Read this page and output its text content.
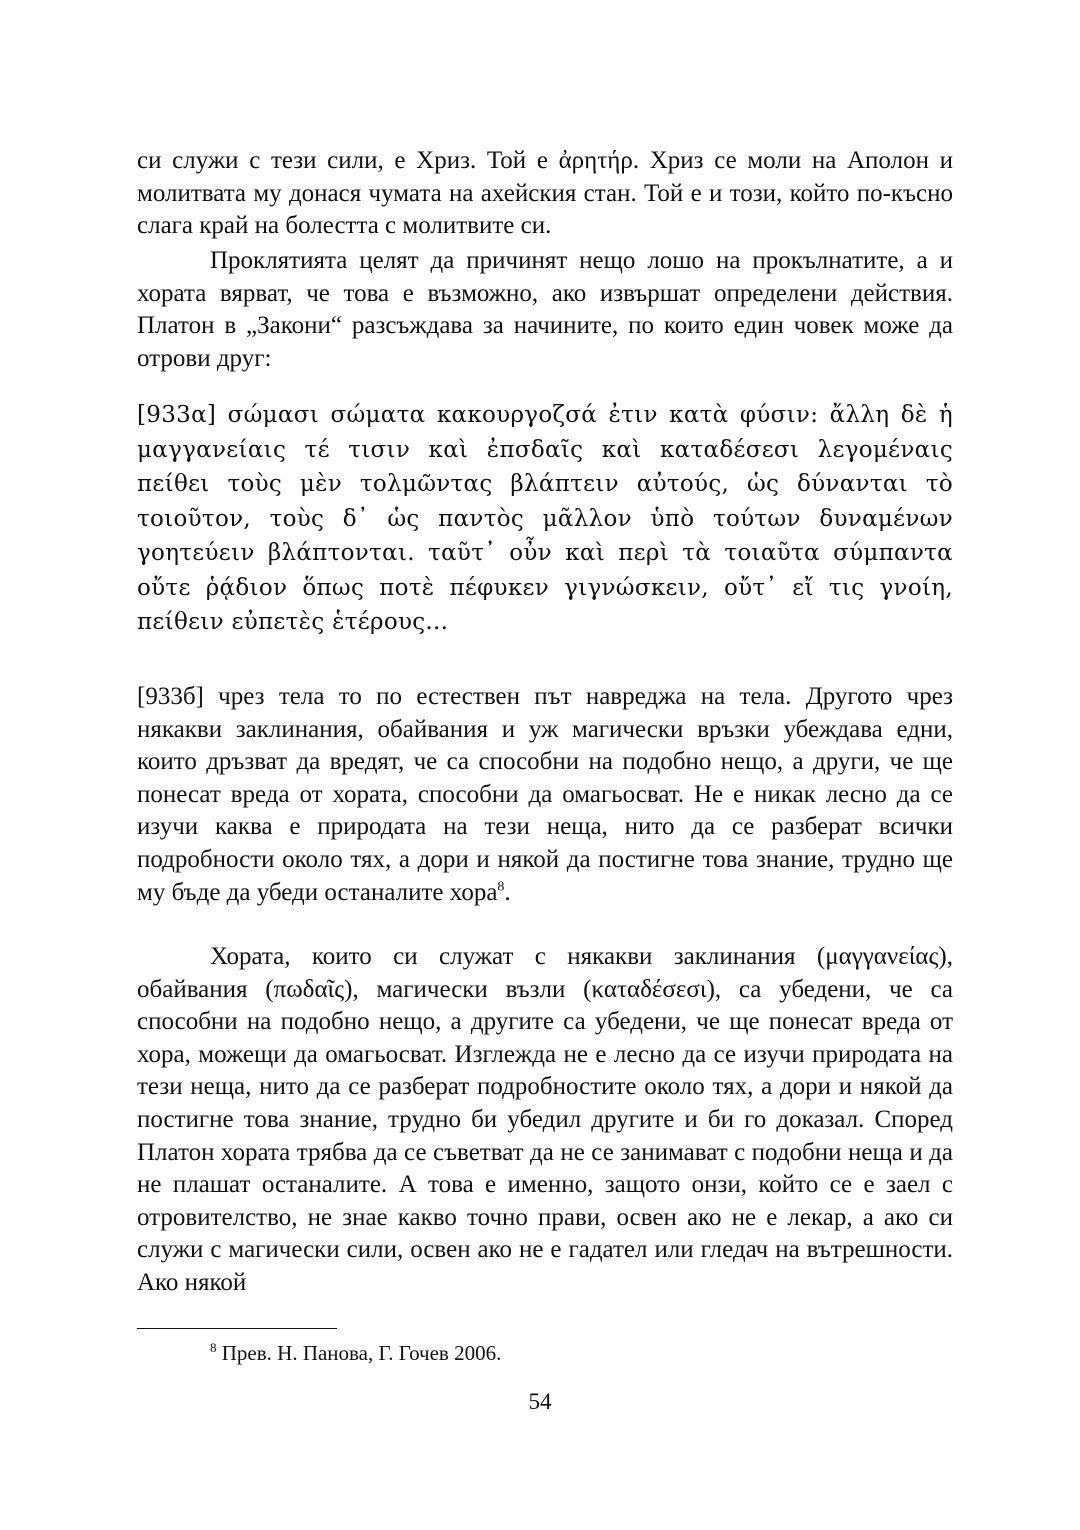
си служи с тези сили, е Хриз. Той е ἀρητήρ. Хриз се моли на Аполон и молитвата му донася чумата на ахейския стан. Той е и този, който по-късно слага край на болестта с молитвите си.

Проклятията целят да причинят нещо лошо на прокълнатите, а и хората вярват, че това е възможно, ако извършат определени действия. Платон в „Закони“ разсъждава за начините, по които един човек може да отрови друг:

[933α] σώμασι σώματα κακουργοζσά ἐτιν κατὰ φύσιν: ἄλλη δὲ ἡ μαγγανείαις τέ τισιν καὶ ἐπσδαῖς καὶ καταδέσεσι λεγομέναις πείθει τοὺς μὲν τολμῶντας βλάπτειν αὐτούς, ὡς δύνανται τὸ τοιοῦτον, τοὺς δ᾽ ὡς παντὸς μᾶλλον ὑπὸ τούτων δυναμένων γοητεύειν βλάπτονται. ταῦτ᾽ οὖν καὶ περὶ τὰ τοιαῦτα σύμπαντα οὔτε ῥᾴδιον ὅπως ποτὲ πέφυκεν γιγνώσκειν, οὔτ᾽ εἴ τις γνοίη, πείθειν εὐπετὲς ἑτέρους...

[933б] чрез тела то по естествен път навреджа на тела. Другото чрез някакви заклинания, обайвания и уж магически връзки убеждава едни, които дръзват да вредят, че са способни на подобно нещо, а други, че ще понесат вреда от хората, способни да омагьосват. Не е никак лесно да се изучи каква е природата на тези неща, нито да се разберат всички подробности около тях, а дори и някой да постигне това знание, трудно ще му бъде да убеди останалите хора$^8$.

Хората, които си служат с някакви заклинания (μαγγανείας), обайвания (πωδαῖς), магически възли (καταδέσεσι), са убедени, че са способни на подобно нещо, а другите са убедени, че ще понесат вреда от хора, можещи да омагьосват. Изглежда не е лесно да се изучи природата на тези неща, нито да се разберат подробностите около тях, а дори и някой да постигне това знание, трудно би убедил другите и би го доказал. Според Платон хората трябва да се съветват да не се занимават с подобни неща и да не плашат останалите. А това е именно, защото онзи, който се е заел с отровителство, не знае какво точно прави, освен ако не е лекар, а ако си служи с магически сили, освен ако не е гадател или гледач на вътрешности. Ако някой

$^8$ Прев. Н. Панова, Г. Гочев 2006.
54
